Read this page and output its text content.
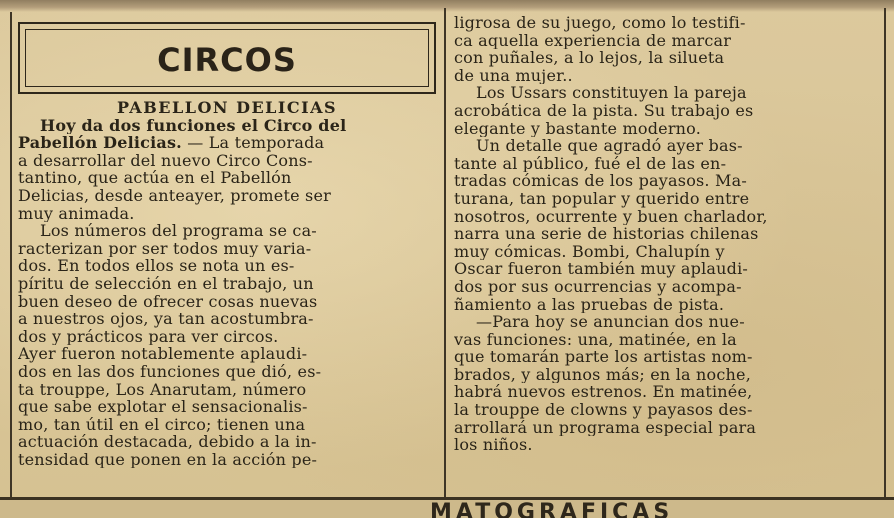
CIRCOS
PABELLON DELICIAS
Hoy da dos funciones el Circo del
Pabellón Delicias. — La temporada
a desarrollar del nuevo Circo Cons-
tantino, que actúa en el Pabellón
Delicias, desde anteayer, promete ser
muy animada.
Los números del programa se ca-
racterizan por ser todos muy varia-
dos. En todos ellos se nota un es-
píritu de selección en el trabajo, un
buen deseo de ofrecer cosas nuevas
a nuestros ojos, ya tan acostumbra-
dos y prácticos para ver circos.
Ayer fueron notablemente aplaudi-
dos en las dos funciones que dió, es-
ta trouppe, Los Anarutam, número
que sabe explotar el sensacionalis-
mo, tan útil en el circo; tienen una
actuación destacada, debido a la in-
tensidad que ponen en la acción pe-
ligrosa de su juego, como lo testifi-
ca aquella experiencia de marcar
con puñales, a lo lejos, la silueta
de una mujer..
Los Ussars constituyen la pareja
acrobática de la pista. Su trabajo es
elegante y bastante moderno.
Un detalle que agradó ayer bas-
tante al público, fué el de las en-
tradas cómicas de los payasos. Ma-
turana, tan popular y querido entre
nosotros, ocurrente y buen charlador,
narra una serie de historias chilenas
muy cómicas. Bombi, Chalupín y
Oscar fueron también muy aplaudi-
dos por sus ocurrencias y acompa-
ñamiento a las pruebas de pista.
—Para hoy se anuncian dos nue-
vas funciones: una, matinée, en la
que tomarán parte los artistas nom-
brados, y algunos más; en la noche,
habrá nuevos estrenos. En matinée,
la trouppe de clowns y payasos des-
arrollará un programa especial para
los niños.
MATOGRAFICAS
